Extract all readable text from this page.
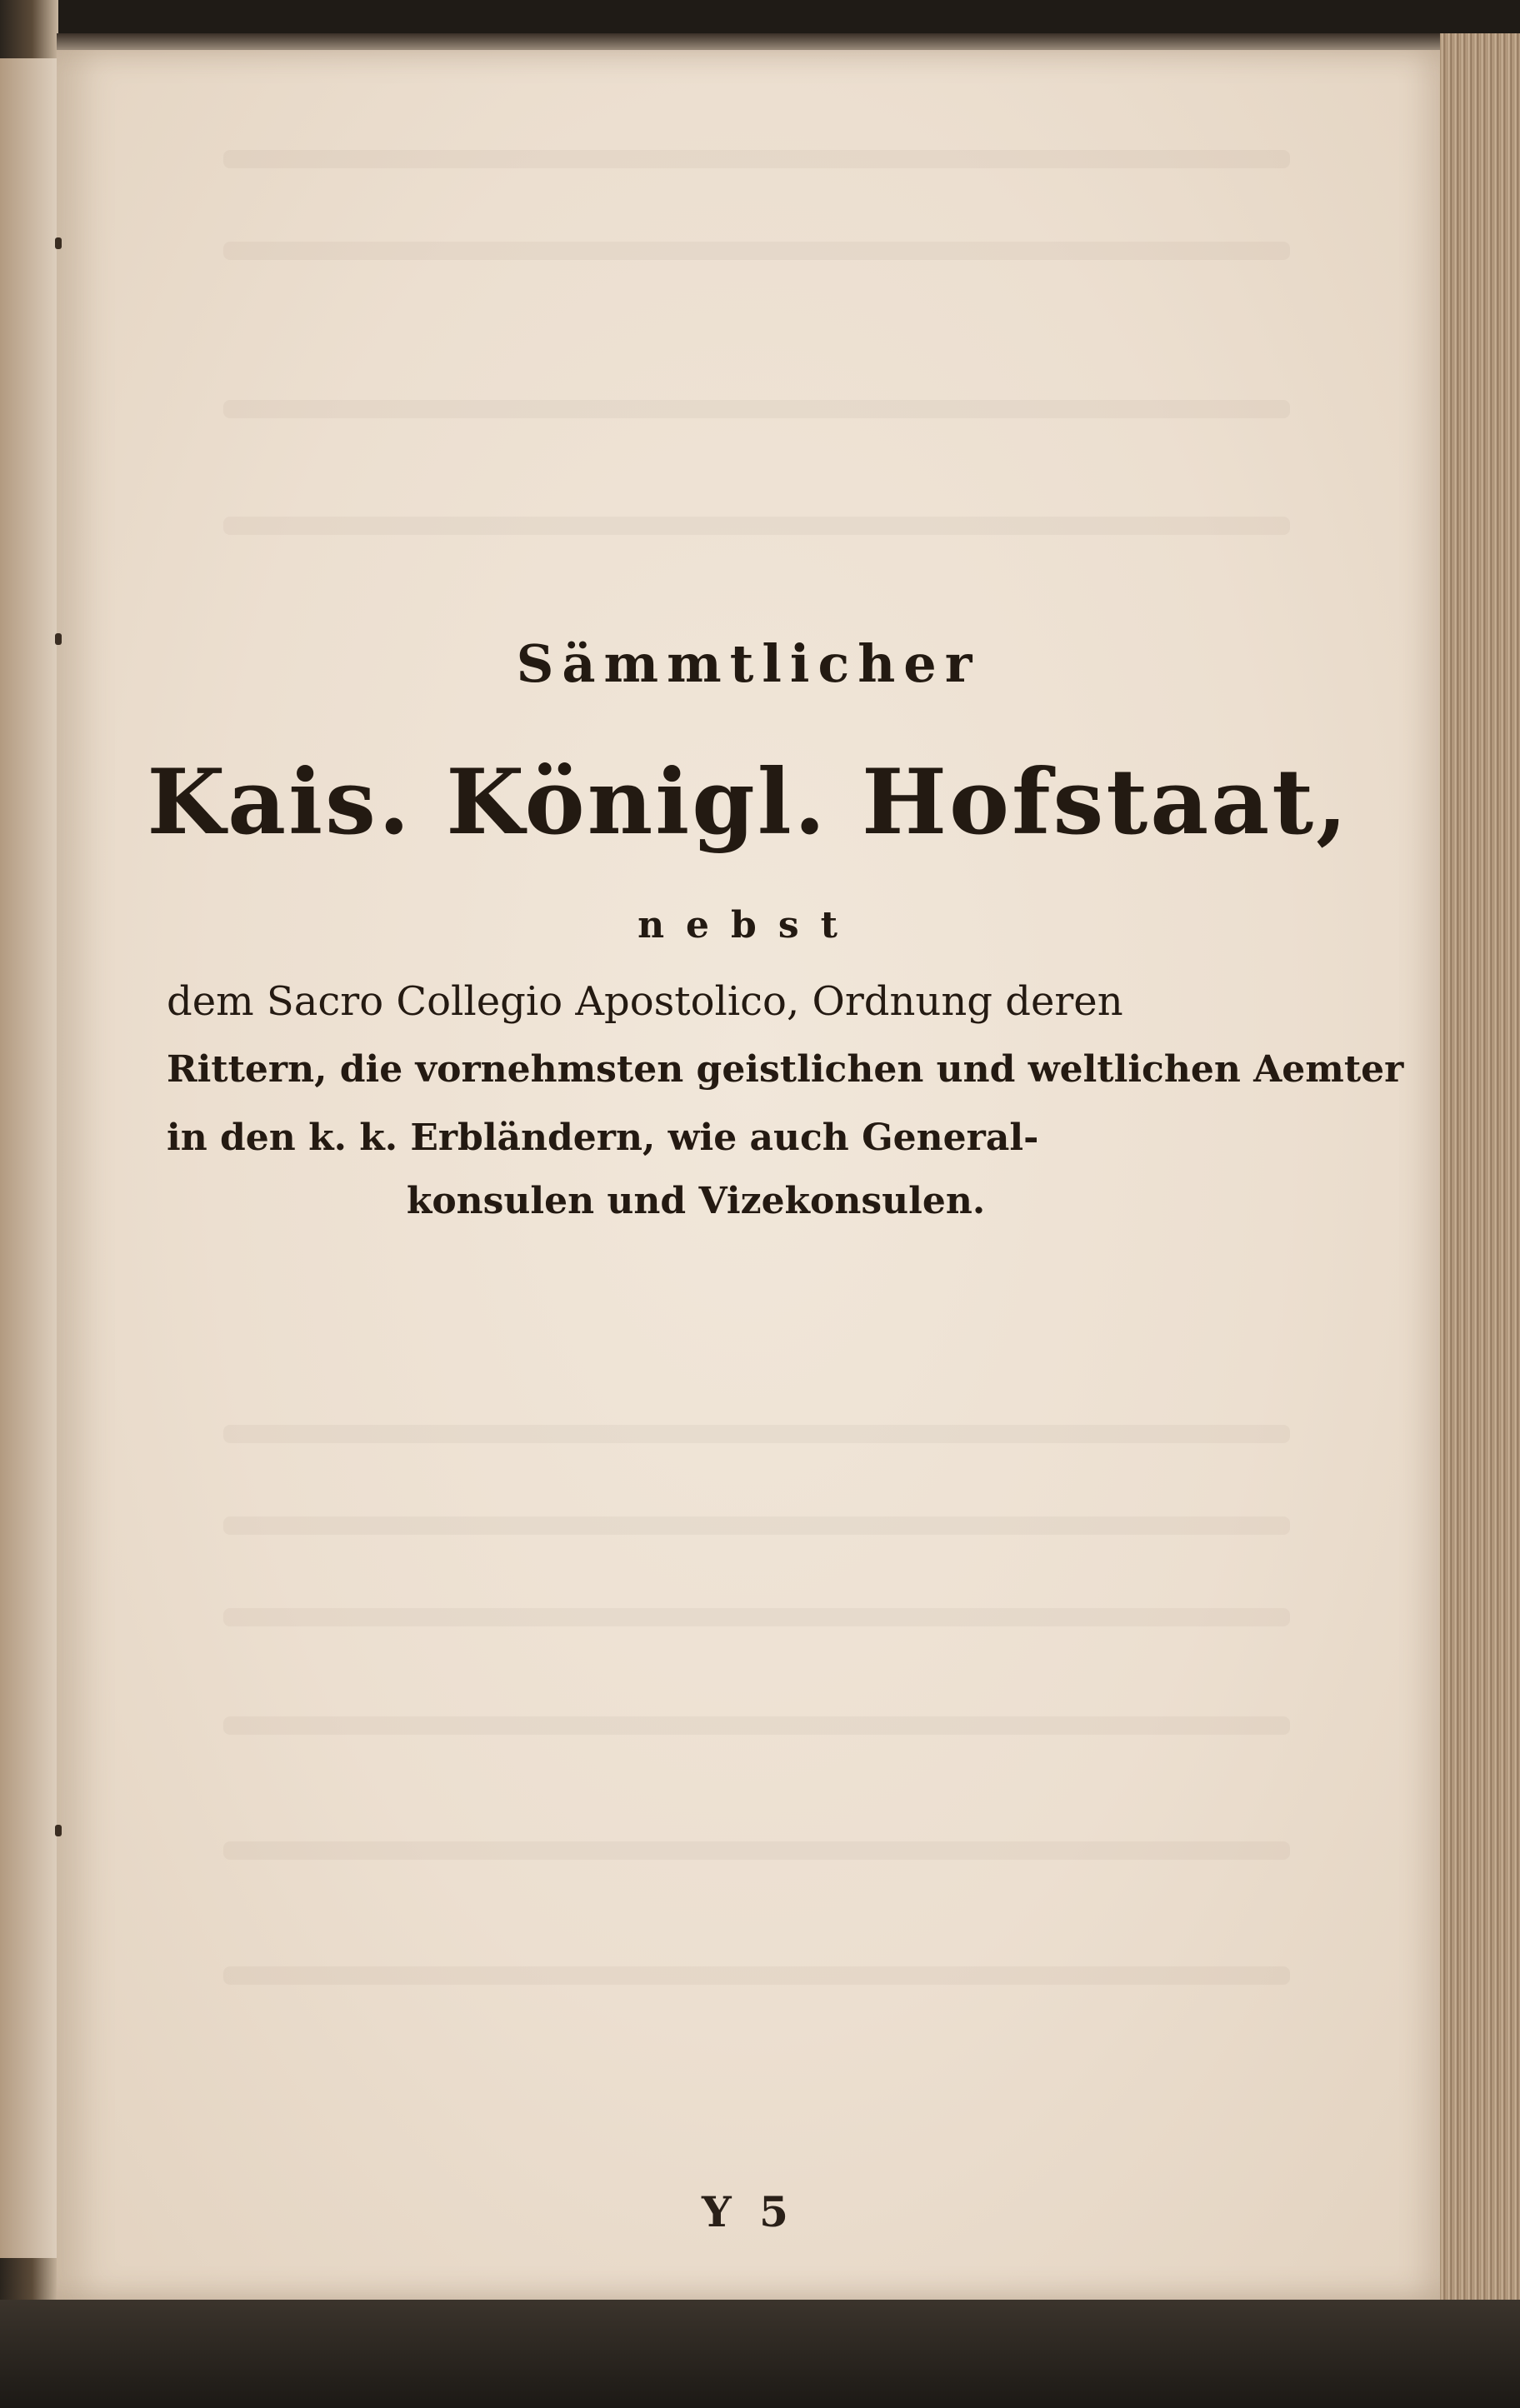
Sämmtlicher
Kais. Königl. Hofstaat,
nebst
dem Sacro Collegio Apostolico, Ordnung deren
Rittern, die vornehmsten geistlichen und weltlichen Aemter
in den k. k. Erbländern, wie auch General-
konsulen und Vizekonsulen.
Y 5
